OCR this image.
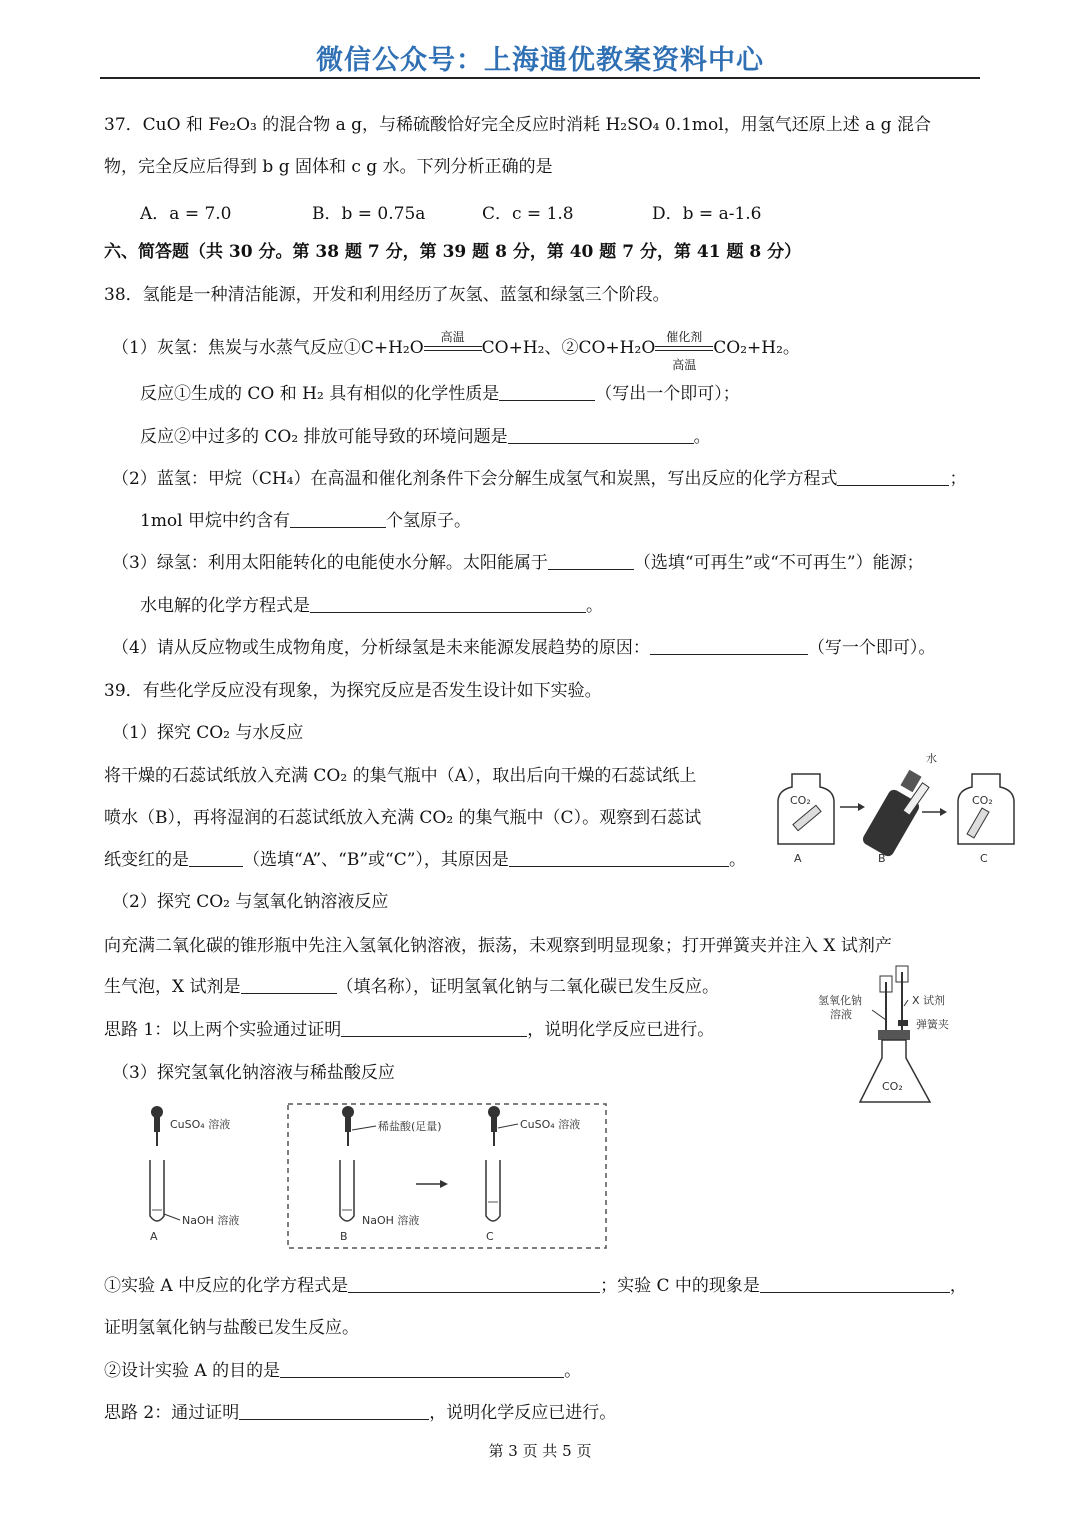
微信公众号：上海通优教案资料中心
37．CuO 和 Fe₂O₃ 的混合物 a g，与稀硫酸恰好完全反应时消耗 H₂SO₄ 0.1mol，用氢气还原上述 a g 混合
物，完全反应后得到 b g 固体和 c g 水。下列分析正确的是
A．a = 7.0	B．b = 0.75a	C．c = 1.8	D．b = a-1.6
六、简答题（共 30 分。第 38 题 7 分，第 39 题 8 分，第 40 题 7 分，第 41 题 8 分）
38．氢能是一种清洁能源，开发和利用经历了灰氢、蓝氢和绿氢三个阶段。
（1）灰氢：焦炭与水蒸气反应①C+H₂O
高温
CO+H₂、②CO+H₂O
催化剂
高温
CO₂+H₂。
反应①生成的 CO 和 H₂ 具有相似的化学性质是	（写出一个即可）；
反应②中过多的 CO₂ 排放可能导致的环境问题是	。
（2）蓝氢：甲烷（CH₄）在高温和催化剂条件下会分解生成氢气和炭黑，写出反应的化学方程式	；
1mol 甲烷中约含有	个氢原子。
（3）绿氢：利用太阳能转化的电能使水分解。太阳能属于	（选填“可再生”或“不可再生”）能源；
水电解的化学方程式是	。
（4）请从反应物或生成物角度，分析绿氢是未来能源发展趋势的原因：	（写一个即可）。
39．有些化学反应没有现象，为探究反应是否发生设计如下实验。
（1）探究 CO₂ 与水反应
将干燥的石蕊试纸放入充满 CO₂ 的集气瓶中（A），取出后向干燥的石蕊试纸上
喷水（B），再将湿润的石蕊试纸放入充满 CO₂ 的集气瓶中（C）。观察到石蕊试
纸变红的是	（选填“A”、“B”或“C”），其原因是	。
CO₂
水
CO₂
A	B	C
（2）探究 CO₂ 与氢氧化钠溶液反应
向充满二氧化碳的锥形瓶中先注入氢氧化钠溶液，振荡，未观察到明显现象；打开弹簧夹并注入 X 试剂产
生气泡，X 试剂是	（填名称），证明氢氧化钠与二氧化碳已发生反应。
思路 1：以上两个实验通过证明	，说明化学反应已进行。
氢氧化钠
溶液
X 试剂
弹簧夹
CO₂
（3）探究氢氧化钠溶液与稀盐酸反应
CuSO₄ 溶液
NaOH 溶液
A
稀盐酸(足量)
NaOH 溶液
B
CuSO₄ 溶液
C
①实验 A 中反应的化学方程式是	；实验 C 中的现象是	，
证明氢氧化钠与盐酸已发生反应。
②设计实验 A 的目的是	。
思路 2：通过证明	，说明化学反应已进行。
第 3 页 共 5 页
